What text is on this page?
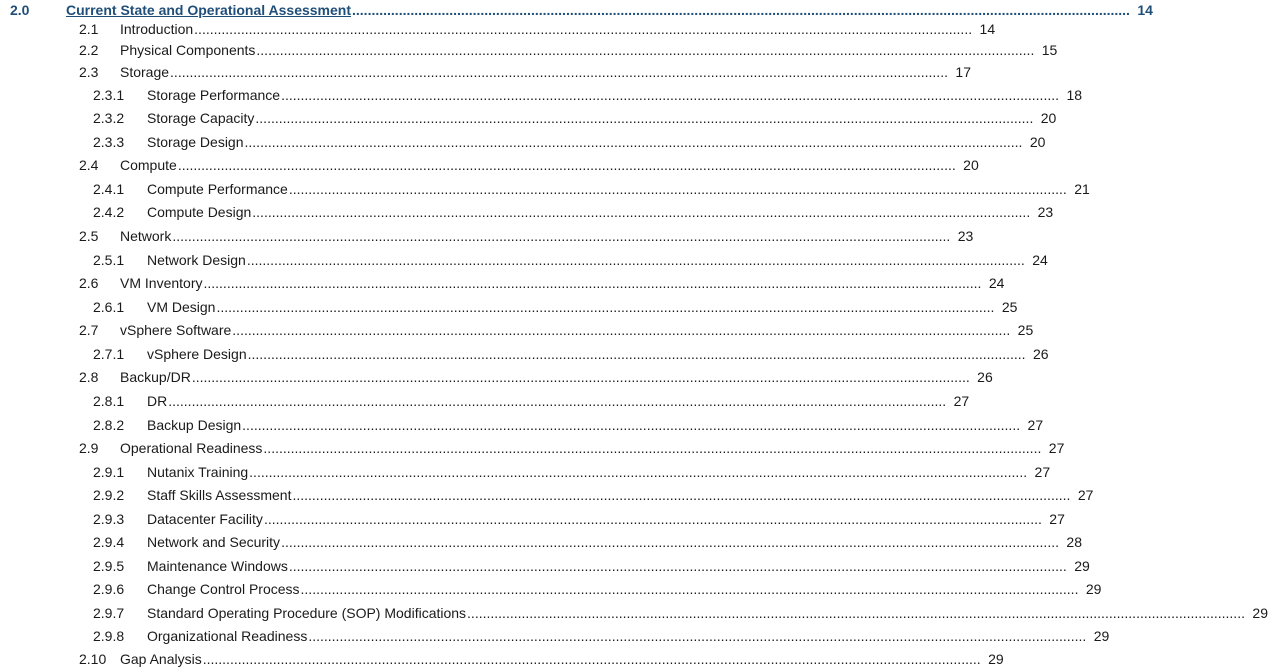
2.0	Current State and Operational Assessment ........................................................................................................................................................................................................ 14
2.1 Introduction ........................................................................................................................................................................................................ 14
2.2 Physical Components ........................................................................................................................................................................................................ 15
2.3 Storage ........................................................................................................................................................................................................ 17
2.3.1 Storage Performance ........................................................................................................................................................................................................ 18
2.3.2 Storage Capacity ........................................................................................................................................................................................................ 20
2.3.3 Storage Design ........................................................................................................................................................................................................ 20
2.4 Compute ........................................................................................................................................................................................................ 20
2.4.1 Compute Performance ........................................................................................................................................................................................................ 21
2.4.2 Compute Design ........................................................................................................................................................................................................ 23
2.5 Network ........................................................................................................................................................................................................ 23
2.5.1 Network Design ........................................................................................................................................................................................................ 24
2.6 VM Inventory ........................................................................................................................................................................................................ 24
2.6.1 VM Design ........................................................................................................................................................................................................ 25
2.7 vSphere Software ........................................................................................................................................................................................................ 25
2.7.1 vSphere Design ........................................................................................................................................................................................................ 26
2.8 Backup/DR ........................................................................................................................................................................................................ 26
2.8.1 DR ........................................................................................................................................................................................................ 27
2.8.2 Backup Design ........................................................................................................................................................................................................ 27
2.9 Operational Readiness ........................................................................................................................................................................................................ 27
2.9.1 Nutanix Training ........................................................................................................................................................................................................ 27
2.9.2 Staff Skills Assessment ........................................................................................................................................................................................................ 27
2.9.3 Datacenter Facility ........................................................................................................................................................................................................ 27
2.9.4 Network and Security ........................................................................................................................................................................................................ 28
2.9.5 Maintenance Windows ........................................................................................................................................................................................................ 29
2.9.6 Change Control Process ........................................................................................................................................................................................................ 29
2.9.7 Standard Operating Procedure (SOP) Modifications ........................................................................................................................................................................................................ 29
2.9.8 Organizational Readiness ........................................................................................................................................................................................................ 29
2.10 Gap Analysis ........................................................................................................................................................................................................ 29
